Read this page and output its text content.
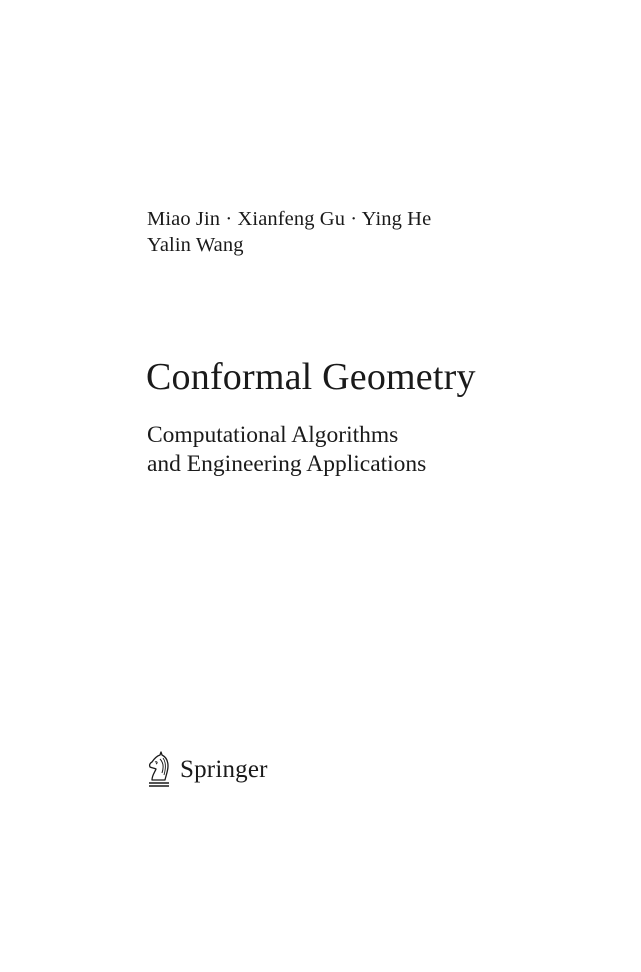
Miao Jin · Xianfeng Gu · Ying He
Yalin Wang
Conformal Geometry
Computational Algorithms
and Engineering Applications
Springer
